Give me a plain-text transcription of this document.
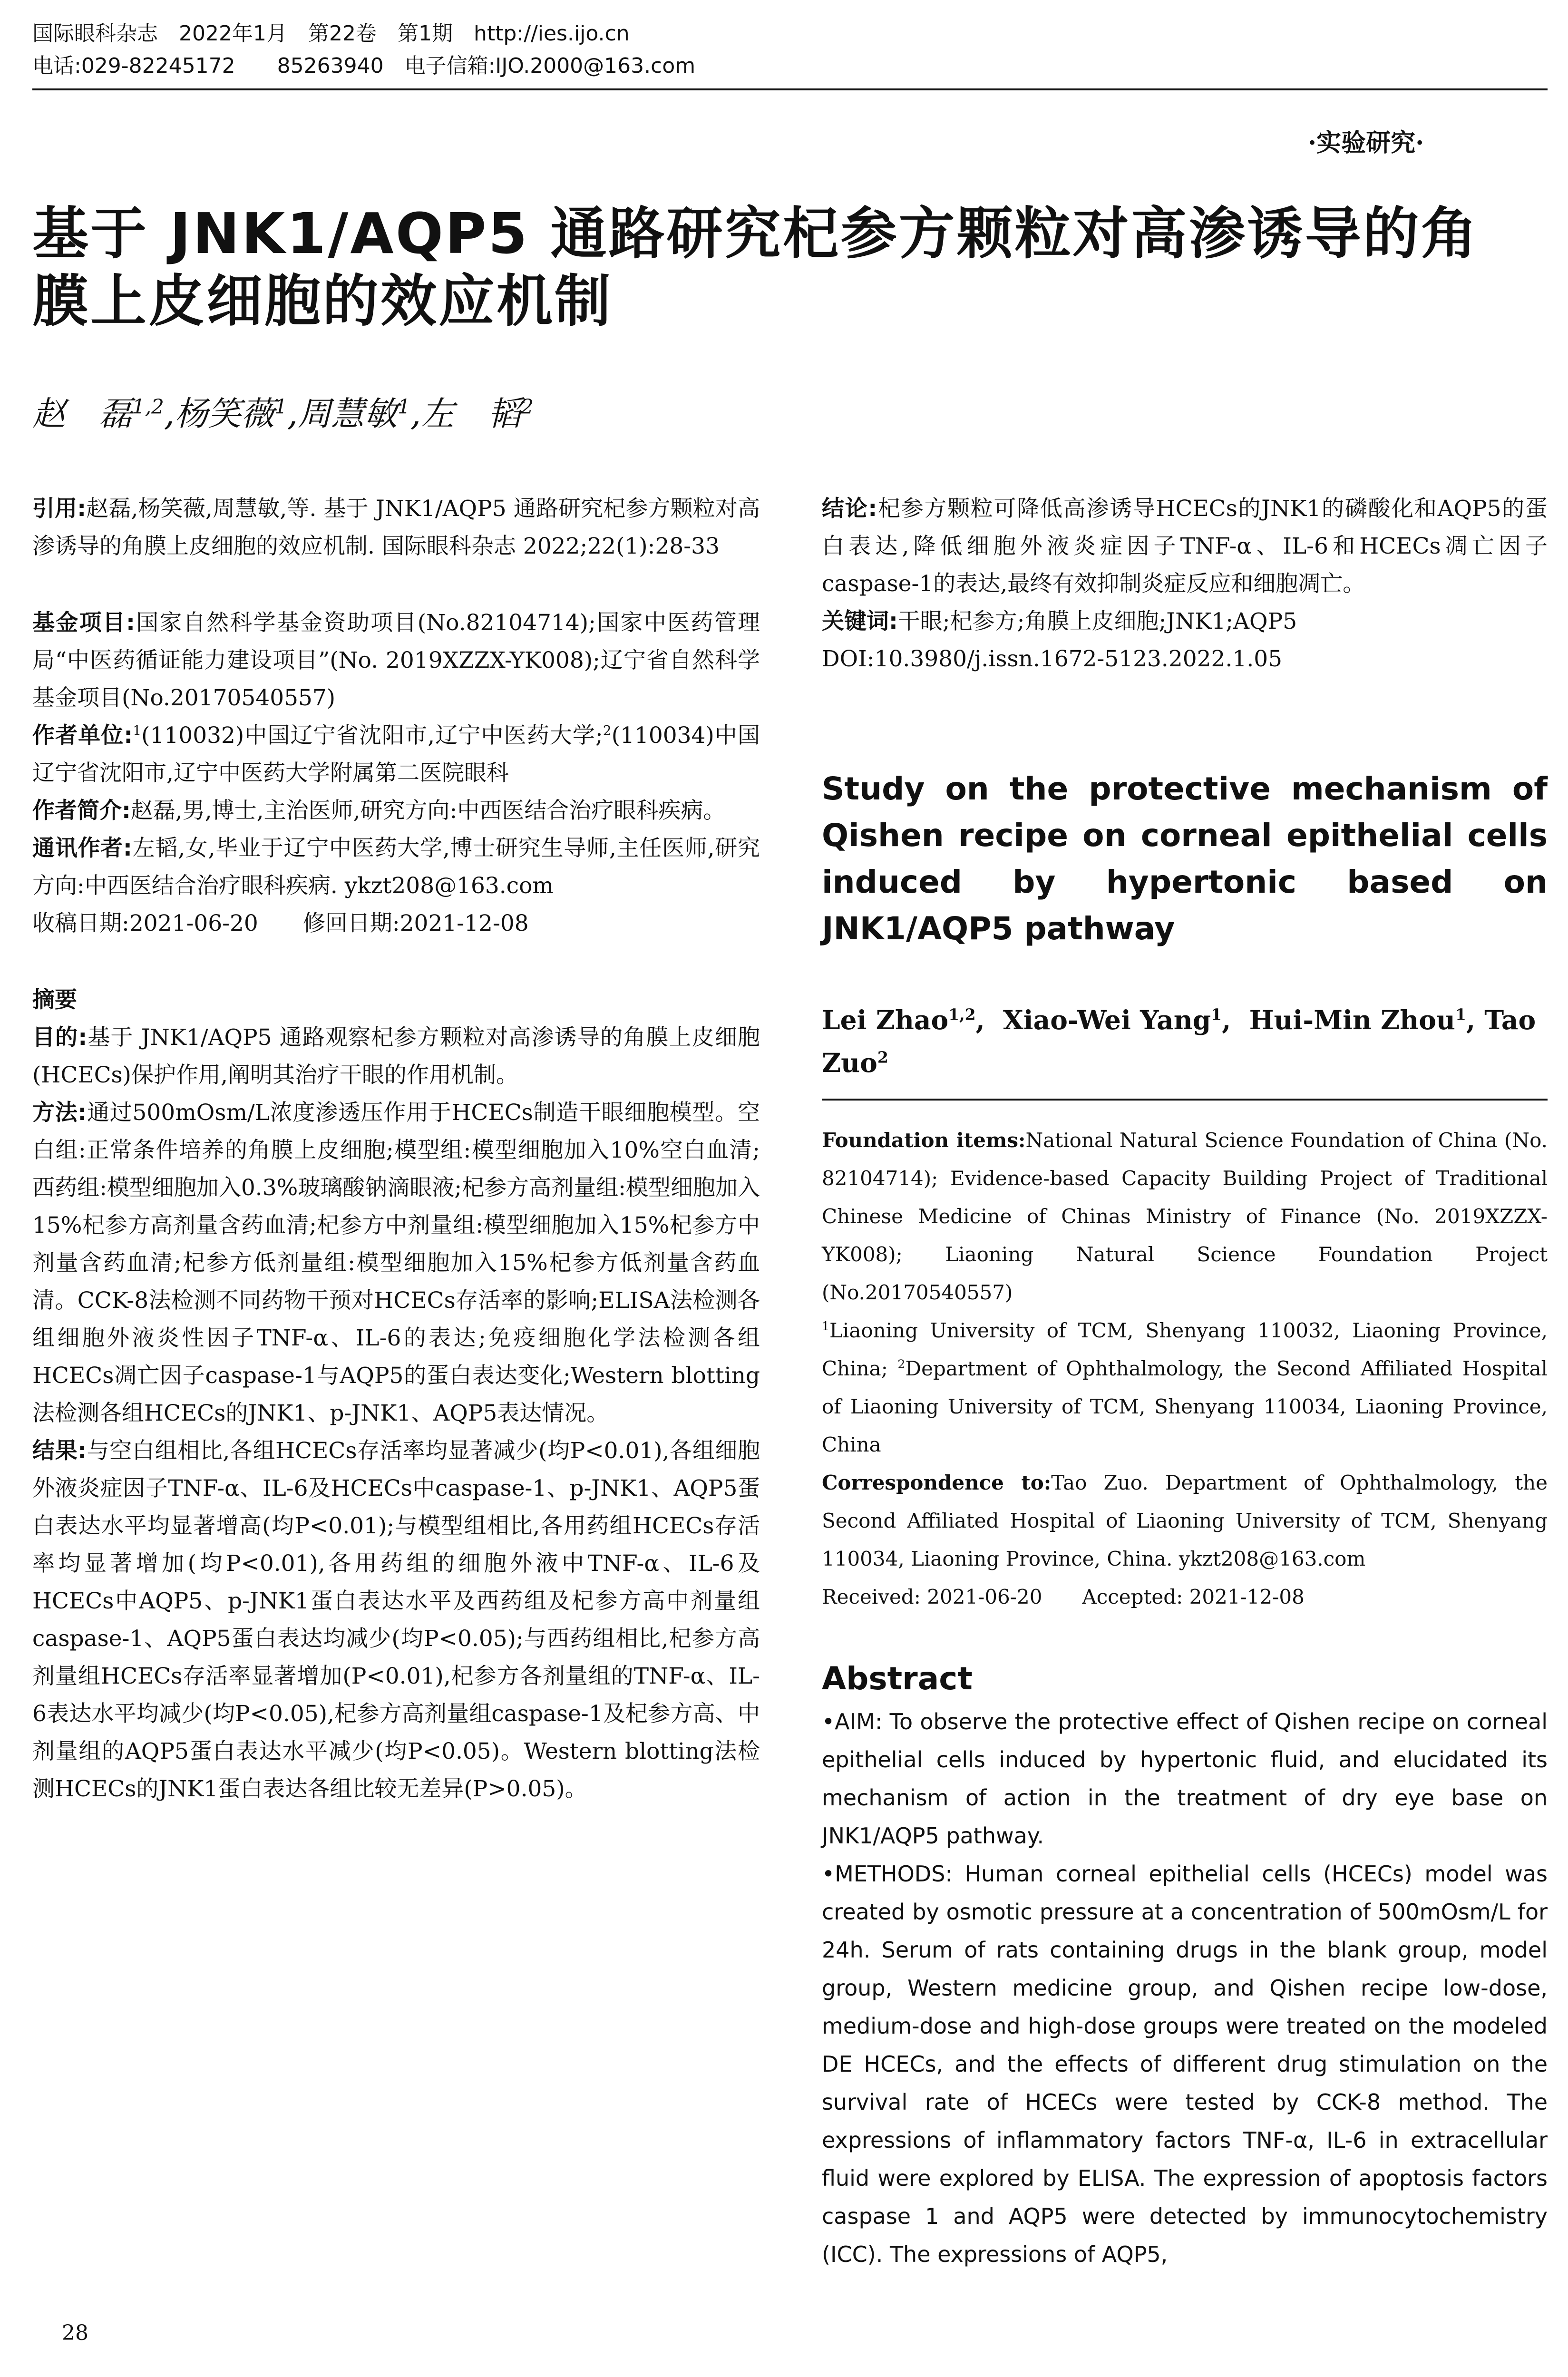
国际眼科杂志　2022年1月　第22卷　第1期　http://ies.ijo.cn
电话:029-82245172　　85263940　电子信箱:IJO.2000@163.com
·实验研究·
基于 JNK1/AQP5 通路研究杞参方颗粒对高渗诱导的角
膜上皮细胞的效应机制
赵　磊$^{1,2}$,杨笑薇$^1$,周慧敏$^1$,左　韬$^2$

引用:赵磊,杨笑薇,周慧敏,等. 基于 JNK1/AQP5 通路研究杞参方颗粒对高渗诱导的角膜上皮细胞的效应机制. 国际眼科杂志 2022;22(1):28-33

基金项目:国家自然科学基金资助项目(No.82104714);国家中医药管理局“中医药循证能力建设项目”(No. 2019XZZX-YK008);辽宁省自然科学基金项目(No.20170540557)

作者单位:$^1$(110032)中国辽宁省沈阳市,辽宁中医药大学;$^2$(110034)中国辽宁省沈阳市,辽宁中医药大学附属第二医院眼科

作者简介:赵磊,男,博士,主治医师,研究方向:中西医结合治疗眼科疾病。

通讯作者:左韬,女,毕业于辽宁中医药大学,博士研究生导师,主任医师,研究方向:中西医结合治疗眼科疾病. ykzt208@163.com

收稿日期:2021-06-20　　修回日期:2021-12-08

摘要

目的:基于 JNK1/AQP5 通路观察杞参方颗粒对高渗诱导的角膜上皮细胞(HCECs)保护作用,阐明其治疗干眼的作用机制。

方法:通过500mOsm/L浓度渗透压作用于HCECs制造干眼细胞模型。空白组:正常条件培养的角膜上皮细胞;模型组:模型细胞加入10%空白血清;西药组:模型细胞加入0.3%玻璃酸钠滴眼液;杞参方高剂量组:模型细胞加入15%杞参方高剂量含药血清;杞参方中剂量组:模型细胞加入15%杞参方中剂量含药血清;杞参方低剂量组:模型细胞加入15%杞参方低剂量含药血清。CCK-8法检测不同药物干预对HCECs存活率的影响;ELISA法检测各组细胞外液炎性因子TNF-α、IL-6的表达;免疫细胞化学法检测各组HCECs凋亡因子caspase-1与AQP5的蛋白表达变化;Western blotting法检测各组HCECs的JNK1、p-JNK1、AQP5表达情况。

结果:与空白组相比,各组HCECs存活率均显著减少(均P<0.01),各组细胞外液炎症因子TNF-α、IL-6及HCECs中caspase-1、p-JNK1、AQP5蛋白表达水平均显著增高(均P<0.01);与模型组相比,各用药组HCECs存活率均显著增加(均P<0.01),各用药组的细胞外液中TNF-α、IL-6及HCECs中AQP5、p-JNK1蛋白表达水平及西药组及杞参方高中剂量组caspase-1、AQP5蛋白表达均减少(均P<0.05);与西药组相比,杞参方高剂量组HCECs存活率显著增加(P<0.01),杞参方各剂量组的TNF-α、IL-6表达水平均减少(均P<0.05),杞参方高剂量组caspase-1及杞参方高、中剂量组的AQP5蛋白表达水平减少(均P<0.05)。Western blotting法检测HCECs的JNK1蛋白表达各组比较无差异(P>0.05)。

结论:杞参方颗粒可降低高渗诱导HCECs的JNK1的磷酸化和AQP5的蛋白表达,降低细胞外液炎症因子TNF-α、IL-6和HCECs凋亡因子caspase-1的表达,最终有效抑制炎症反应和细胞凋亡。

关键词:干眼;杞参方;角膜上皮细胞;JNK1;AQP5

DOI:10.3980/j.issn.1672-5123.2022.1.05

Study on the protective mechanism of Qishen recipe on corneal epithelial cells induced by hypertonic based on JNK1/AQP5 pathway
Lei Zhao$^{1,2}$,  Xiao-Wei Yang$^1$,  Hui-Min Zhou$^1$, Tao Zuo$^2$

Foundation items:National Natural Science Foundation of China (No. 82104714); Evidence-based Capacity Building Project of Traditional Chinese Medicine of Chinas Ministry of Finance (No. 2019XZZX-YK008); Liaoning Natural Science Foundation Project (No.20170540557)

$^1$Liaoning University of TCM, Shenyang 110032, Liaoning Province, China; $^2$Department of Ophthalmology, the Second Affiliated Hospital of Liaoning University of TCM, Shenyang 110034, Liaoning Province, China

Correspondence to:Tao Zuo. Department of Ophthalmology, the Second Affiliated Hospital of Liaoning University of TCM, Shenyang 110034, Liaoning Province, China. ykzt208@163.com

Received: 2021-06-20　　Accepted: 2021-12-08

Abstract

•AIM: To observe the protective effect of Qishen recipe on corneal epithelial cells induced by hypertonic fluid, and elucidated its mechanism of action in the treatment of dry eye base on JNK1/AQP5 pathway.

•METHODS: Human corneal epithelial cells (HCECs) model was created by osmotic pressure at a concentration of 500mOsm/L for 24h. Serum of rats containing drugs in the blank group, model group, Western medicine group, and Qishen recipe low-dose, medium-dose and high-dose groups were treated on the modeled DE HCECs, and the effects of different drug stimulation on the survival rate of HCECs were tested by CCK-8 method. The expressions of inflammatory factors TNF-α, IL-6 in extracellular fluid were explored by ELISA. The expression of apoptosis factors caspase 1 and AQP5 were detected by immunocytochemistry (ICC). The expressions of AQP5,

28
